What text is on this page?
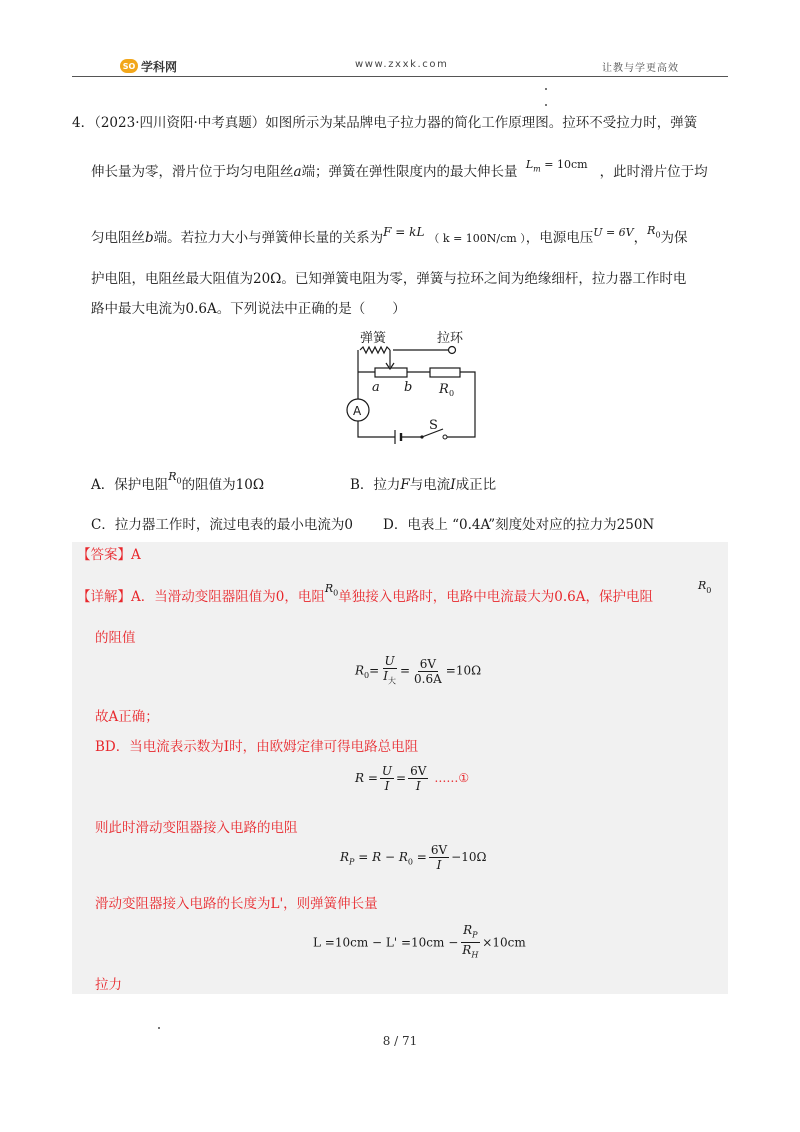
SO 学科网	www.zxxk.com	让教与学更高效
4．（2023·四川资阳·中考真题）如图所示为某品牌电子拉力器的简化工作原理图。拉环不受拉力时，弹簧
伸长量为零，滑片位于均匀电阻丝a端；弹簧在弹性限度内的最大伸长量 $L_m = 10cm$ ，此时滑片位于均
匀电阻丝b端。若拉力大小与弹簧伸长量的关系为F = kL （ k = 100N/cm ），电源电压$^{U = 6V}$，$R_0$为保
护电阻，电阻丝最大阻值为20Ω。已知弹簧电阻为零，弹簧与拉环之间为绝缘细杆，拉力器工作时电
路中最大电流为0.6A。下列说法中正确的是（　　）
弹簧	拉环
a b R 0
A
S
A．保护电阻$R_0$的阻值为10Ω	B．拉力F与电流I成正比
C．拉力器工作时，流过电表的最小电流为0 D．电表上 “0.4A”刻度处对应的拉力为250N
【答案】A
【详解】A．当滑动变阻器阻值为0，电阻$R_0$单独接入电路时，电路中电流最大为0.6A，保护电阻
$R_0$
的阻值
$R_0= \frac{U}{I_大} = \frac{6V}{0.6A} =10\Omega$
故A正确；
BD．当电流表示数为I时，由欧姆定律可得电路总电阻
$R = \frac{U}{I} = \frac{6V}{I}$ ……①
则此时滑动变阻器接入电路的电阻
$R_P = R - R_0 = \frac{6V}{I} -10\Omega$
滑动变阻器接入电路的长度为L'，则弹簧伸长量
$L =10cm - L' =10cm - \frac{R_P}{R_H} \times 10cm$
拉力
8 / 71
